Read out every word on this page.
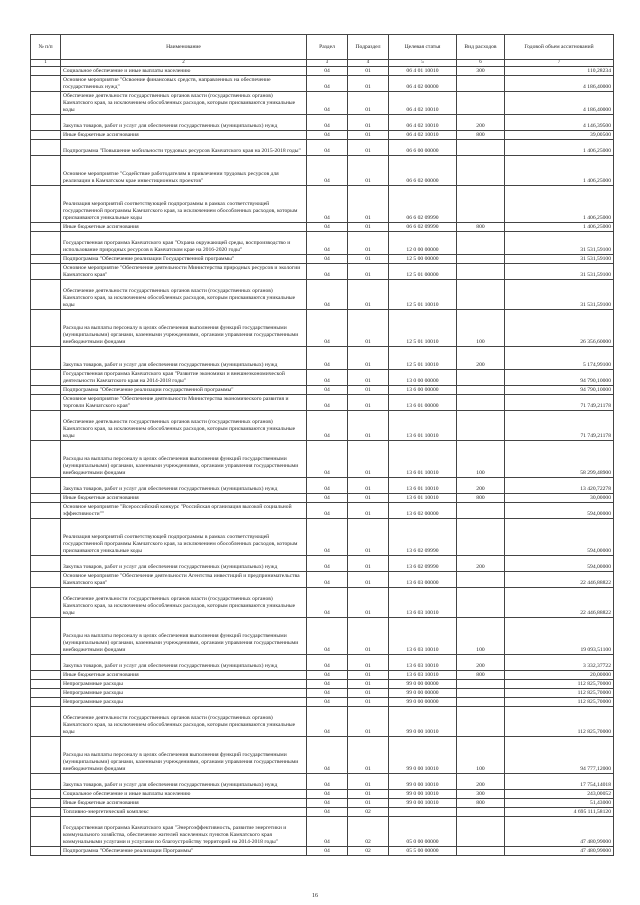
№ п/п	Наименование	Раздел	Подраздел	Целевая статья	Вид расходов	Годовой объем ассигнований
1	2	3	4	5	6	7
	Социальное обеспечение и иные выплаты населению	04	01	06 4 01 10010	300	110,28234
	Основное мероприятие "Освоение финансовых средств, направленных на обеспечение государственных нужд"	04	01	06 4 02 00000		4 186,40000
	Обеспечение деятельности государственных органов власти (государственных органов) Камчатского края, за исключением обособленных расходов, которым присваиваются уникальные коды	04	01	06 4 02 10010		4 186,40000
	Закупка товаров, работ и услуг для обеспечения государственных (муниципальных) нужд	04	01	06 4 02 10010	200	4 146,39500
	Иные бюджетные ассигнования	04	01	06 4 02 10010	800	39,00500
	Подпрограмма "Повышение мобильности трудовых ресурсов Камчатского края на 2015-2018 годы"	04	01	06 6 00 00000		1 406,25000
	Основное мероприятие "Содействие работодателям в привлечении трудовых ресурсов для реализации в Камчатском крае инвестиционных проектов"	04	01	06 6 02 00000		1 406,25000
	Реализация мероприятий соответствующей подпрограммы в рамках соответствующей государственной программы Камчатского края, за исключением обособленных расходов, которым присваиваются уникальные коды	04	01	06 6 02 09990		1 406,25000
	Иные бюджетные ассигнования	04	01	06 6 02 09990	800	1 406,25000
	Государственная программа Камчатского края "Охрана окружающей среды, воспроизводство и использование природных ресурсов в Камчатском крае на 2016-2020 годы"	04	01	12 0 00 00000		31 531,59100
	Подпрограмма "Обеспечение реализации Государственной программы"	04	01	12 5 00 00000		31 531,59100
	Основное мероприятие "Обеспечение деятельности Министерства природных ресурсов и экологии Камчатского края"	04	01	12 5 01 00000		31 531,59100
	Обеспечение деятельности государственных органов власти (государственных органов) Камчатского края, за исключением обособленных расходов, которым присваиваются уникальные коды	04	01	12 5 01 10010		31 531,59100
	Расходы на выплаты персоналу в целях обеспечения выполнения функций государственными (муниципальными) органами, казенными учреждениями, органами управления государственными внебюджетными фондами	04	01	12 5 01 10010	100	26 356,60000
	Закупка товаров, работ и услуг для обеспечения государственных (муниципальных) нужд	04	01	12 5 01 10010	200	5 174,99100
	Государственная программа Камчатского края "Развитие экономики и внешнеэкономической деятельности Камчатского края на 2014-2018 годы"	04	01	13 0 00 00000		94 790,10000
	Подпрограмма "Обеспечение реализации государственной программы"	04	01	13 6 00 00000		94 790,10000
	Основное мероприятие "Обеспечение деятельности Министерства экономического развития и торговли Камчатского края"	04	01	13 6 01 00000		71 749,21178
	Обеспечение деятельности государственных органов власти (государственных органов) Камчатского края, за исключением обособленных расходов, которым присваиваются уникальные коды	04	01	13 6 01 10010		71 749,21178
	Расходы на выплаты персоналу в целях обеспечения выполнения функций государственными (муниципальными) органами, казенными учреждениями, органами управления государственными внебюджетными фондами	04	01	13 6 01 10010	100	58 299,48900
	Закупка товаров, работ и услуг для обеспечения государственных (муниципальных) нужд	04	01	13 6 01 10010	200	13 420,72278
	Иные бюджетные ассигнования	04	01	13 6 01 10010	800	30,00000
	Основное мероприятие "Всероссийский конкурс "Российская организация высокой социальной эффективности""	04	01	13 6 02 00000		594,00000
	Реализация мероприятий соответствующей подпрограммы в рамках соответствующей государственной программы Камчатского края, за исключением обособленных расходов, которым присваиваются уникальные коды	04	01	13 6 02 09990		594,00000
	Закупка товаров, работ и услуг для обеспечения государственных (муниципальных) нужд	04	01	13 6 02 09990	200	594,00000
	Основное мероприятие "Обеспечение деятельности Агентства инвестиций и предпринимательства Камчатского края"	04	01	13 6 03 00000		22 446,88822
	Обеспечение деятельности государственных органов власти (государственных органов) Камчатского края, за исключением обособленных расходов, которым присваиваются уникальные коды	04	01	13 6 03 10010		22 446,88822
	Расходы на выплаты персоналу в целях обеспечения выполнения функций государственными (муниципальными) органами, казенными учреждениями, органами управления государственными внебюджетными фондами	04	01	13 6 03 10010	100	19 093,51100
	Закупка товаров, работ и услуг для обеспечения государственных (муниципальных) нужд	04	01	13 6 03 10010	200	3 332,37722
	Иные бюджетные ассигнования	04	01	13 6 03 10010	800	20,00000
	Непрограммные расходы	04	01	99 0 00 00000		112 825,70000
	Непрограммные расходы	04	01	99 0 00 00000		112 825,70000
	Непрограммные расходы	04	01	99 0 00 00000		112 825,70000
	Обеспечение деятельности государственных органов власти (государственных органов) Камчатского края, за исключением обособленных расходов, которым присваиваются уникальные коды	04	01	99 0 00 10010		112 825,70000
	Расходы на выплаты персоналу в целях обеспечения выполнения функций государственными (муниципальными) органами, казенными учреждениями, органами управления государственными внебюджетными фондами	04	01	99 0 00 10010	100	94 777,12000
	Закупка товаров, работ и услуг для обеспечения государственных (муниципальных) нужд	04	01	99 0 00 10010	200	17 754,14018
	Социальное обеспечение и иные выплаты населению	04	01	99 0 00 10010	300	243,00052
	Иные бюджетные ассигнования	04	01	99 0 00 10010	800	51,43000
	Топливно-энергетический комплекс	04	02			4 695 111,58120
	Государственная программа Камчатского края "Энергоэффективность, развитие энергетики и коммунального хозяйства, обеспечение жителей населенных пунктов Камчатского края коммунальными услугами и услугами по благоустройству территорий на 2014-2018 годы"	04	02	05 0 00 00000		47 480,99000
	Подпрограмма "Обеспечение реализации Программы"	04	02	05 5 00 00000		47 480,99000
16
